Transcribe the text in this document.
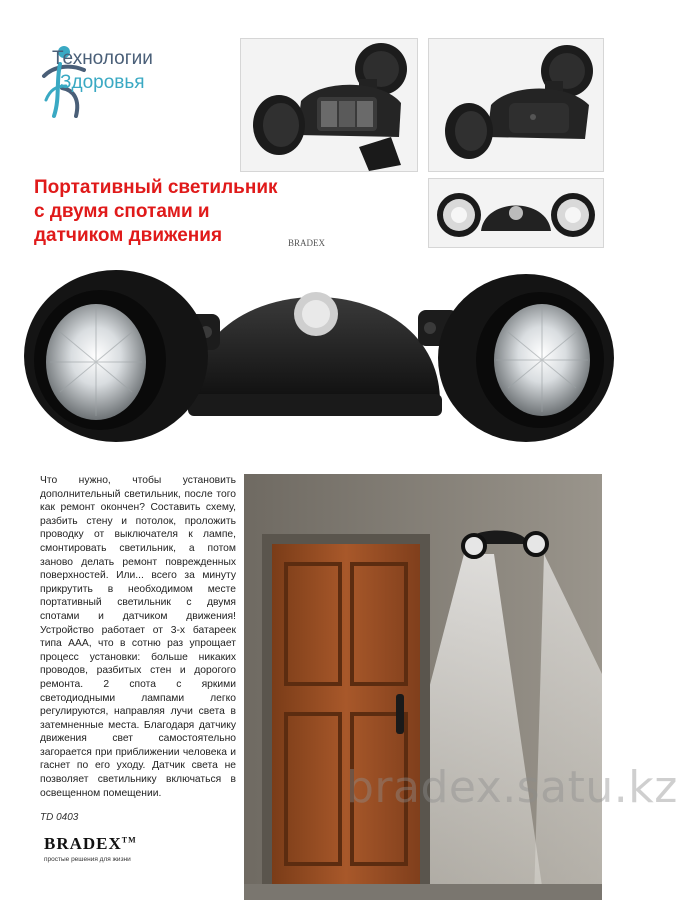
Технологии
Здоровья
Портативный светильник
с двумя спотами и
датчиком движения	BRADEX
Что нужно, чтобы установить дополнительный светильник, после того как ремонт окончен? Составить схему, разбить стену и потолок, проложить проводку от выключателя к лампе, смонтировать светильник, а потом заново делать ремонт поврежденных поверхностей. Или... всего за минуту прикрутить в необходимом месте портативный светильник с двумя спотами и датчиком движения! Устройство работает от 3-х батареек типа ААА, что в сотню раз упрощает процесс установки: больше никаких проводов, разбитых стен и дорогого ремонта. 2 спота с яркими светодиодными лампами легко регулируются, направляя лучи света в затемненные места. Благодаря датчику движения свет самостоятельно загорается при приближении человека и гаснет по его уходу. Датчик света не позволяет светильнику включаться в освещенном помещении.
TD 0403
BRADEX™
простые решения для жизни
bradex.satu.kz
